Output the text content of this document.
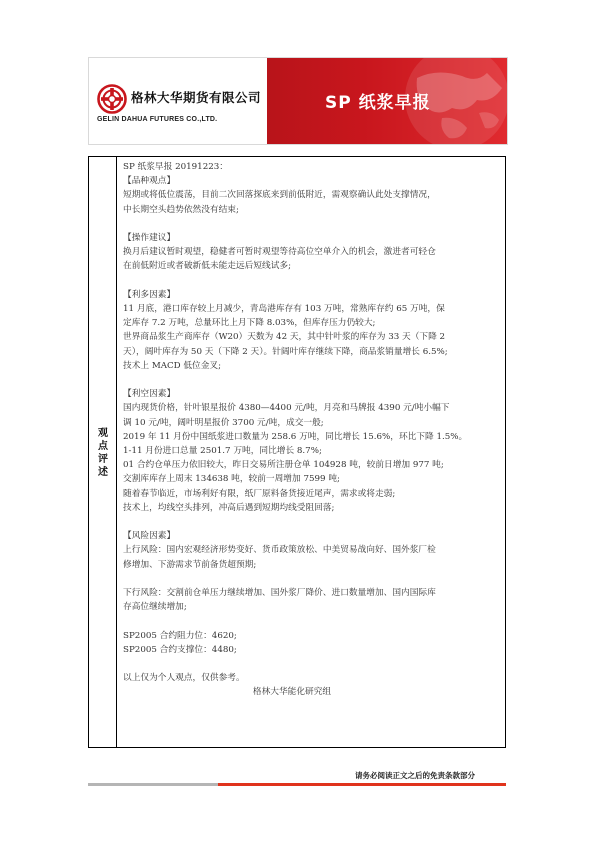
格林大华期货有限公司
GELIN DAHUA FUTURES CO.,LTD.
SP 纸浆早报
观
点
评
述

SP 纸浆早报 20191223：

【品种观点】

短期或将低位震荡，目前二次回落探底来到前低附近，需观察确认此处支撑情况，

中长期空头趋势依然没有结束;

【操作建议】

换月后建议暂时观望，稳健者可暂时观望等待高位空单介入的机会，激进者可轻仓

在前低附近或者破新低未能走远后短线试多;

【利多因素】

11 月底，港口库存较上月减少，青岛港库存有 103 万吨，常熟库存约 65 万吨，保

定库存 7.2 万吨，总量环比上月下降 8.03%，但库存压力仍较大;

世界商品浆生产商库存（W20）天数为 42 天，其中针叶浆的库存为 33 天（下降 2

天），阔叶库存为 50 天（下降 2 天）。针阔叶库存继续下降，商品浆销量增长 6.5%;

技术上 MACD 低位金叉;

【利空因素】

国内现货价格，针叶银星报价 4380—4400 元/吨，月亮和马牌报 4390 元/吨小幅下

调 10 元/吨，阔叶明星报价 3700 元/吨，成交一般;

2019 年 11 月份中国纸浆进口数量为 258.6 万吨，同比增长 15.6%，环比下降 1.5%。

1-11 月份进口总量 2501.7 万吨，同比增长 8.7%;

01 合约仓单压力依旧较大，昨日交易所注册仓单 104928 吨，较前日增加 977 吨;

交割库库存上周末 134638 吨，较前一周增加 7599 吨;

随着春节临近，市场利好有限，纸厂原料备货接近尾声，需求或将走弱;

技术上，均线空头排列，冲高后遇到短期均线受阻回落;

【风险因素】

上行风险：国内宏观经济形势变好、货币政策放松、中美贸易战向好、国外浆厂检

修增加、下游需求节前备货超预期;

下行风险：交割前仓单压力继续增加、国外浆厂降价、进口数量增加、国内国际库

存高位继续增加;

SP2005 合约阻力位：4620;

SP2005 合约支撑位：4480;

以上仅为个人观点，仅供参考。

格林大华能化研究组

请务必阅读正文之后的免责条款部分
